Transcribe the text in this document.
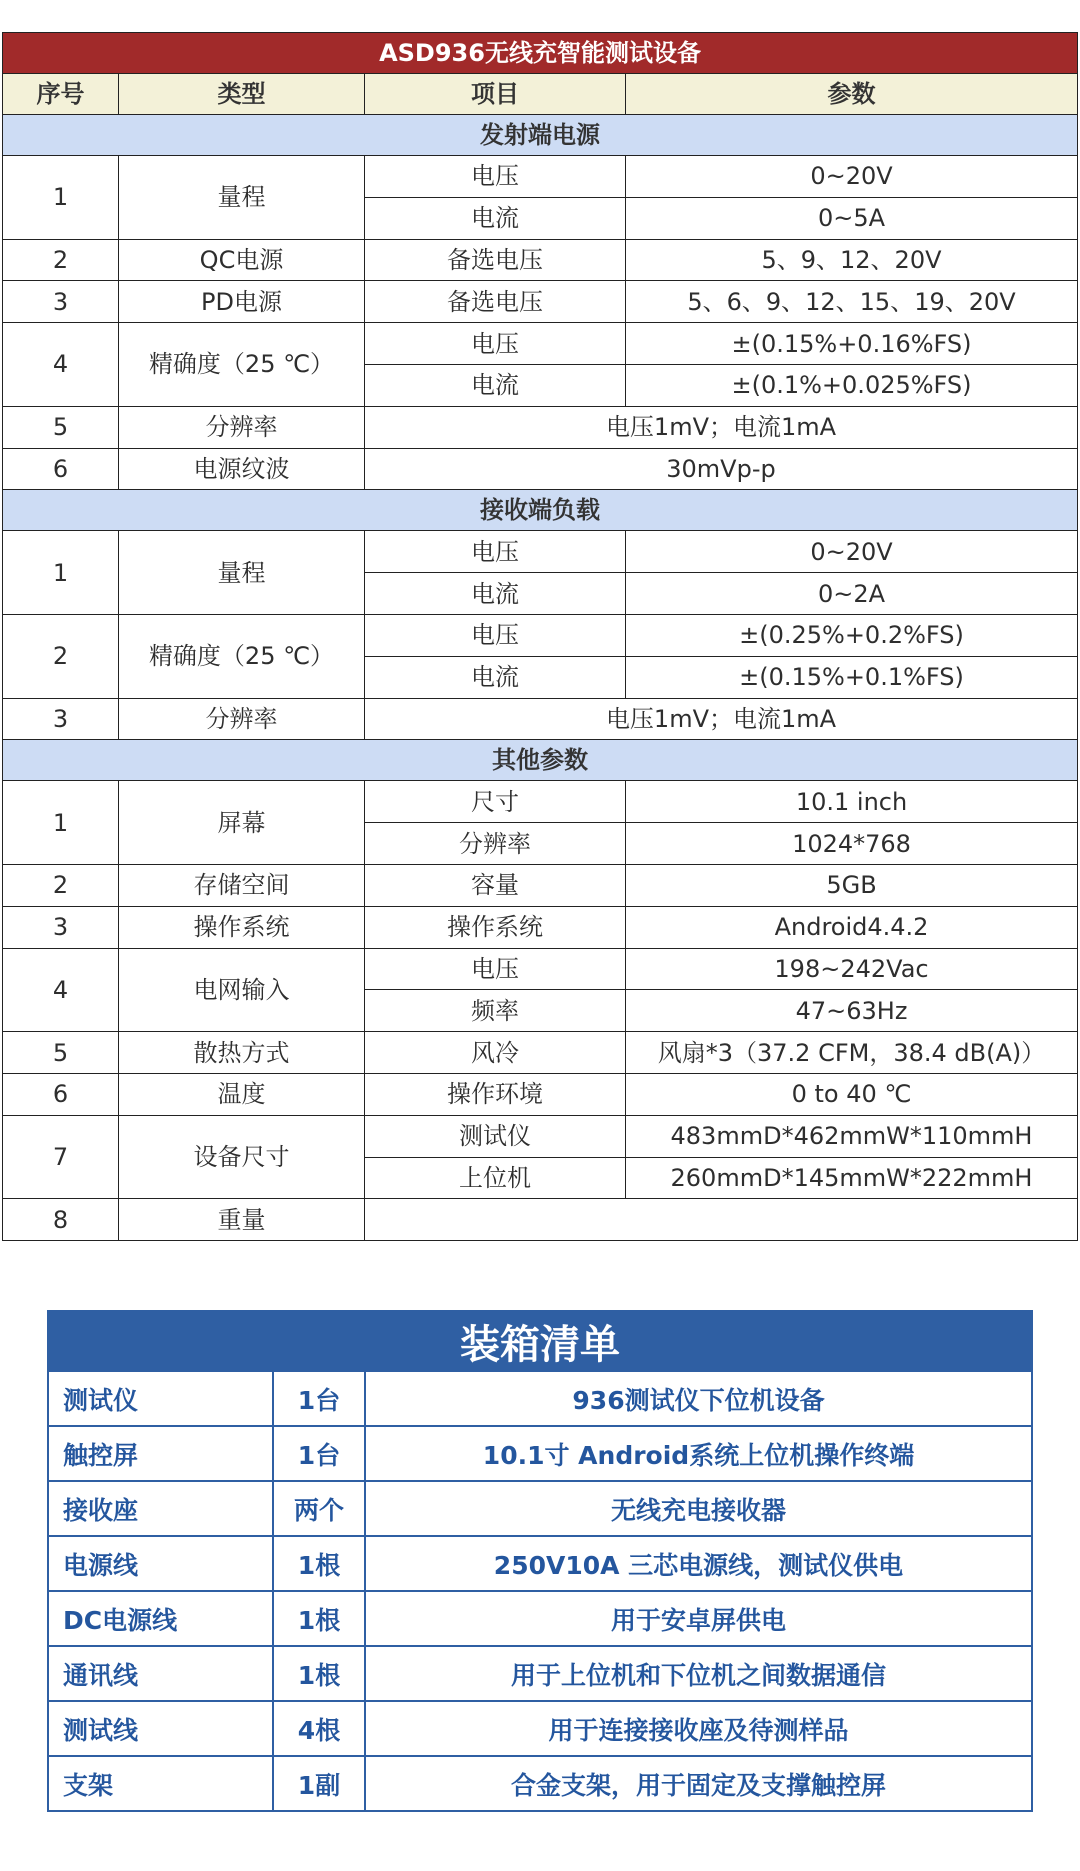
ASD936无线充智能测试设备			
序号	类型	项目	参数
发射端电源			
1	量程	电压	0~20V
		电流	0~5A
2	QC电源	备选电压	5、9、12、20V
3	PD电源	备选电压	5、6、9、12、15、19、20V
4	精确度（25 ℃）	电压	±(0.15%+0.16%FS)
		电流	±(0.1%+0.025%FS)
5	分辨率	电压1mV；电流1mA	
6	电源纹波	30mVp-p	
接收端负载			
1	量程	电压	0~20V
		电流	0~2A
2	精确度（25 ℃）	电压	±(0.25%+0.2%FS)
		电流	±(0.15%+0.1%FS)
3	分辨率	电压1mV；电流1mA	
其他参数			
1	屏幕	尺寸	10.1 inch
		分辨率	1024*768
2	存储空间	容量	5GB
3	操作系统	操作系统	Android4.4.2
4	电网输入	电压	198~242Vac
		频率	47~63Hz
5	散热方式	风冷	风扇*3（37.2 CFM，38.4 dB(A)）
6	温度	操作环境	0 to 40 ℃
7	设备尺寸	测试仪	483mmD*462mmW*110mmH
		上位机	260mmD*145mmW*222mmH
8	重量		
装箱清单		
测试仪	1台	936测试仪下位机设备
触控屏	1台	10.1寸 Android系统上位机操作终端
接收座	两个	无线充电接收器
电源线	1根	250V10A 三芯电源线，测试仪供电
DC电源线	1根	用于安卓屏供电
通讯线	1根	用于上位机和下位机之间数据通信
测试线	4根	用于连接接收座及待测样品
支架	1副	合金支架，用于固定及支撑触控屏
